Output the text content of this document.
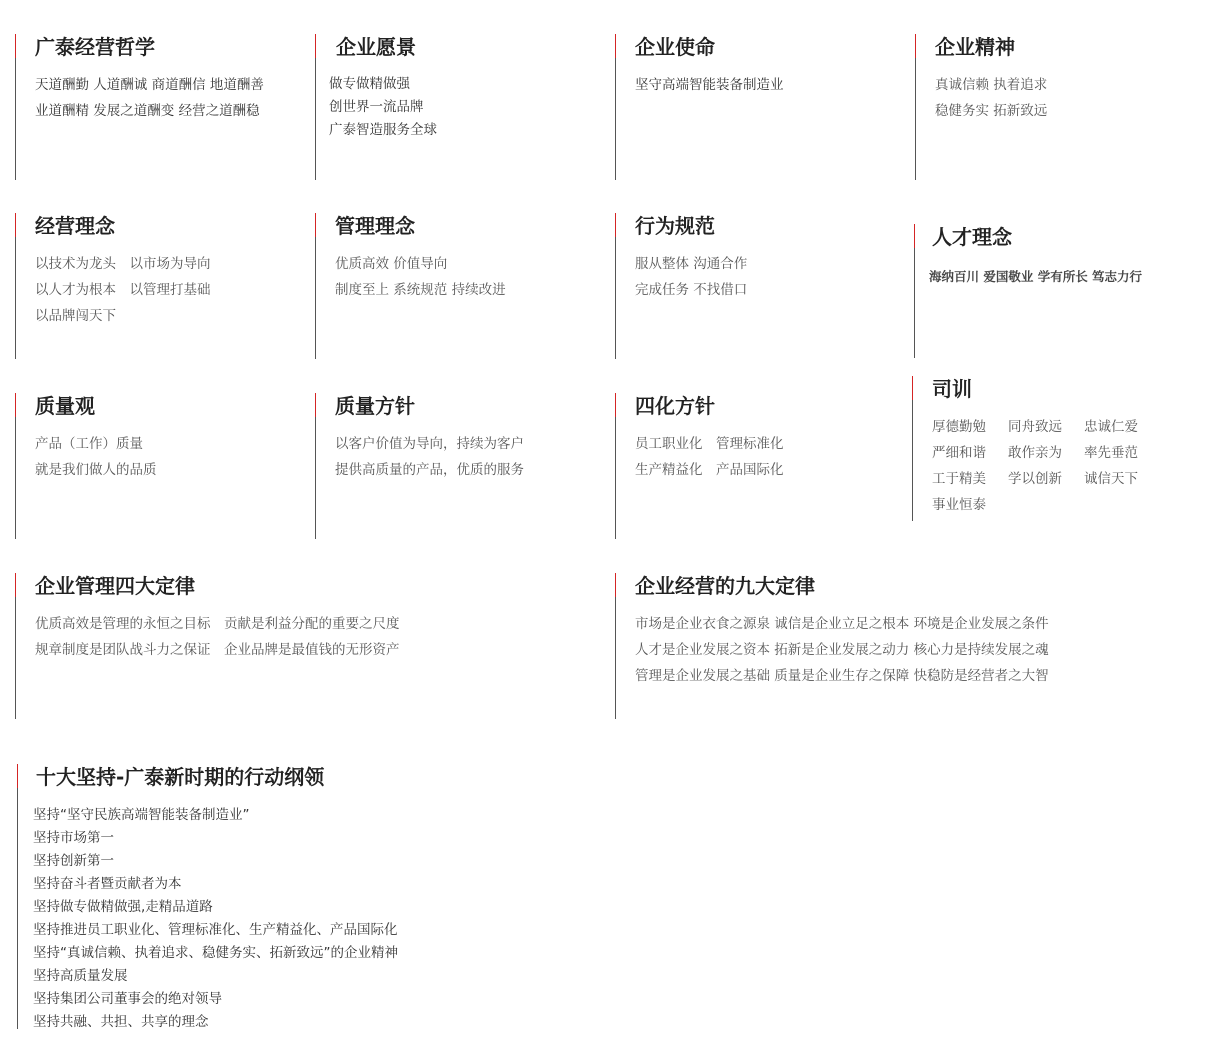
广泰经营哲学
天道酬勤 人道酬诚 商道酬信 地道酬善
业道酬精 发展之道酬变 经营之道酬稳
企业愿景
做专做精做强
创世界一流品牌
广泰智造服务全球
企业使命
坚守高端智能装备制造业
企业精神
真诚信赖 执着追求
稳健务实 拓新致远
经营理念
以技术为龙头　以市场为导向
以人才为根本　以管理打基础
以品牌闯天下
管理理念
优质高效 价值导向
制度至上 系统规范 持续改进
行为规范
服从整体 沟通合作
完成任务 不找借口
人才理念
海纳百川 爱国敬业 学有所长 笃志力行
质量观
产品（工作）质量
就是我们做人的品质
质量方针
以客户价值为导向，持续为客户
提供高质量的产品，优质的服务
四化方针
员工职业化　管理标准化
生产精益化　产品国际化
司训
厚德勤勉 同舟致远 忠诚仁爱
严细和谐 敢作亲为 率先垂范
工于精美 学以创新 诚信天下
事业恒泰
企业管理四大定律
优质高效是管理的永恒之目标　贡献是利益分配的重要之尺度
规章制度是团队战斗力之保证　企业品牌是最值钱的无形资产
企业经营的九大定律
市场是企业衣食之源泉 诚信是企业立足之根本 环境是企业发展之条件
人才是企业发展之资本 拓新是企业发展之动力 核心力是持续发展之魂
管理是企业发展之基础 质量是企业生存之保障 快稳防是经营者之大智
十大坚持-广泰新时期的行动纲领
坚持“坚守民族高端智能装备制造业”
坚持市场第一
坚持创新第一
坚持奋斗者暨贡献者为本
坚持做专做精做强,走精品道路
坚持推进员工职业化、管理标准化、生产精益化、产品国际化
坚持“真诚信赖、执着追求、稳健务实、拓新致远”的企业精神
坚持高质量发展
坚持集团公司董事会的绝对领导
坚持共融、共担、共享的理念
